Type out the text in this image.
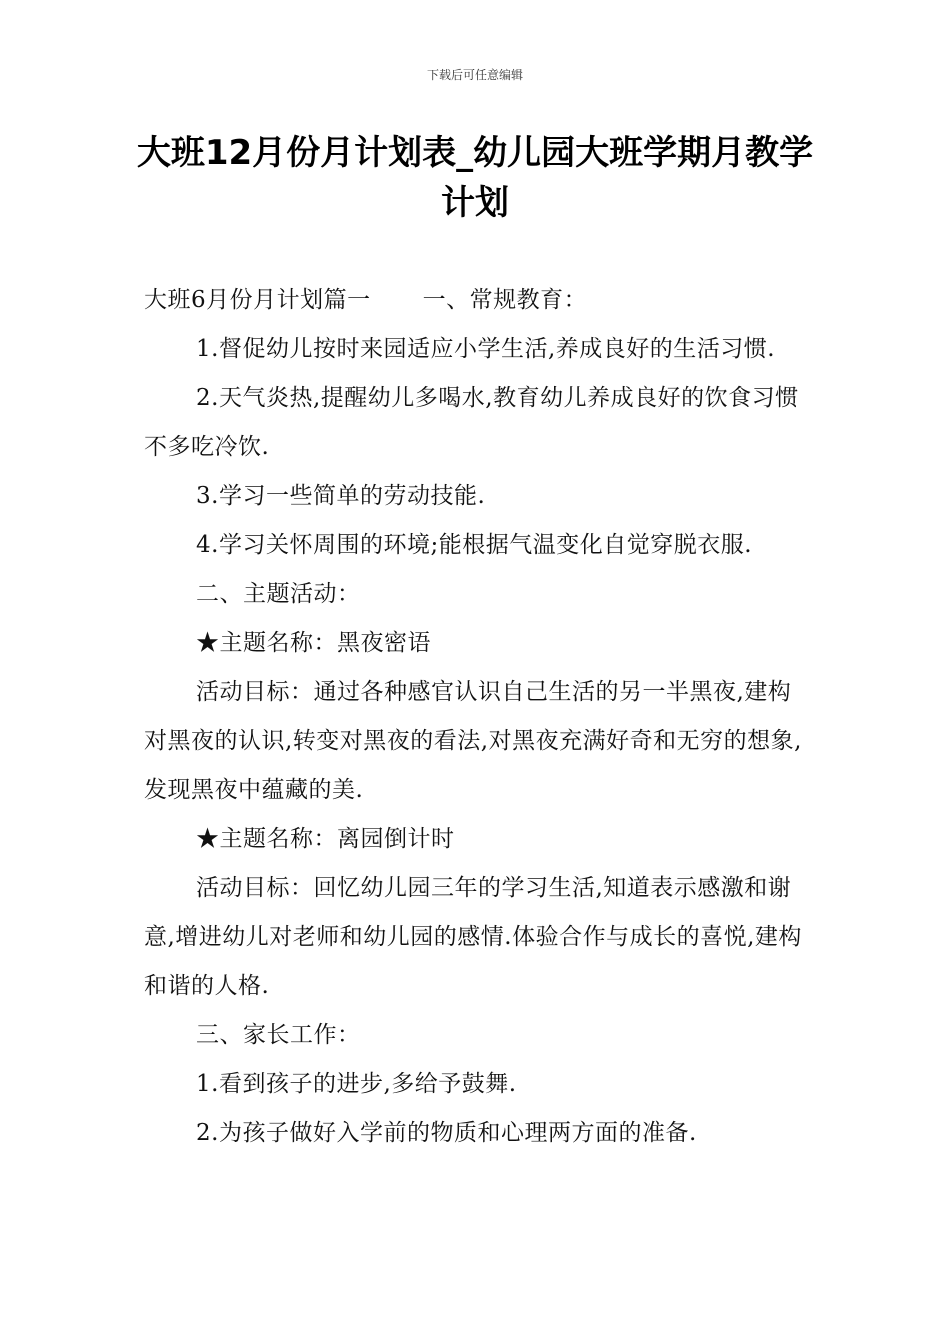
下载后可任意编辑
大班12月份月计划表_幼儿园大班学期月教学计划

大班6月份月计划篇一 一、常规教育：

1.督促幼儿按时来园适应小学生活,养成良好的生活习惯.

2.天气炎热,提醒幼儿多喝水,教育幼儿养成良好的饮食习惯不多吃冷饮.

3.学习一些简单的劳动技能.

4.学习关怀周围的环境;能根据气温变化自觉穿脱衣服.

二、主题活动：

★主题名称：黑夜密语

活动目标：通过各种感官认识自己生活的另一半黑夜,建构对黑夜的认识,转变对黑夜的看法,对黑夜充满好奇和无穷的想象,发现黑夜中蕴藏的美.

★主题名称：离园倒计时

活动目标：回忆幼儿园三年的学习生活,知道表示感激和谢意,增进幼儿对老师和幼儿园的感情.体验合作与成长的喜悦,建构和谐的人格.

三、家长工作：

1.看到孩子的进步,多给予鼓舞.

2.为孩子做好入学前的物质和心理两方面的准备.
